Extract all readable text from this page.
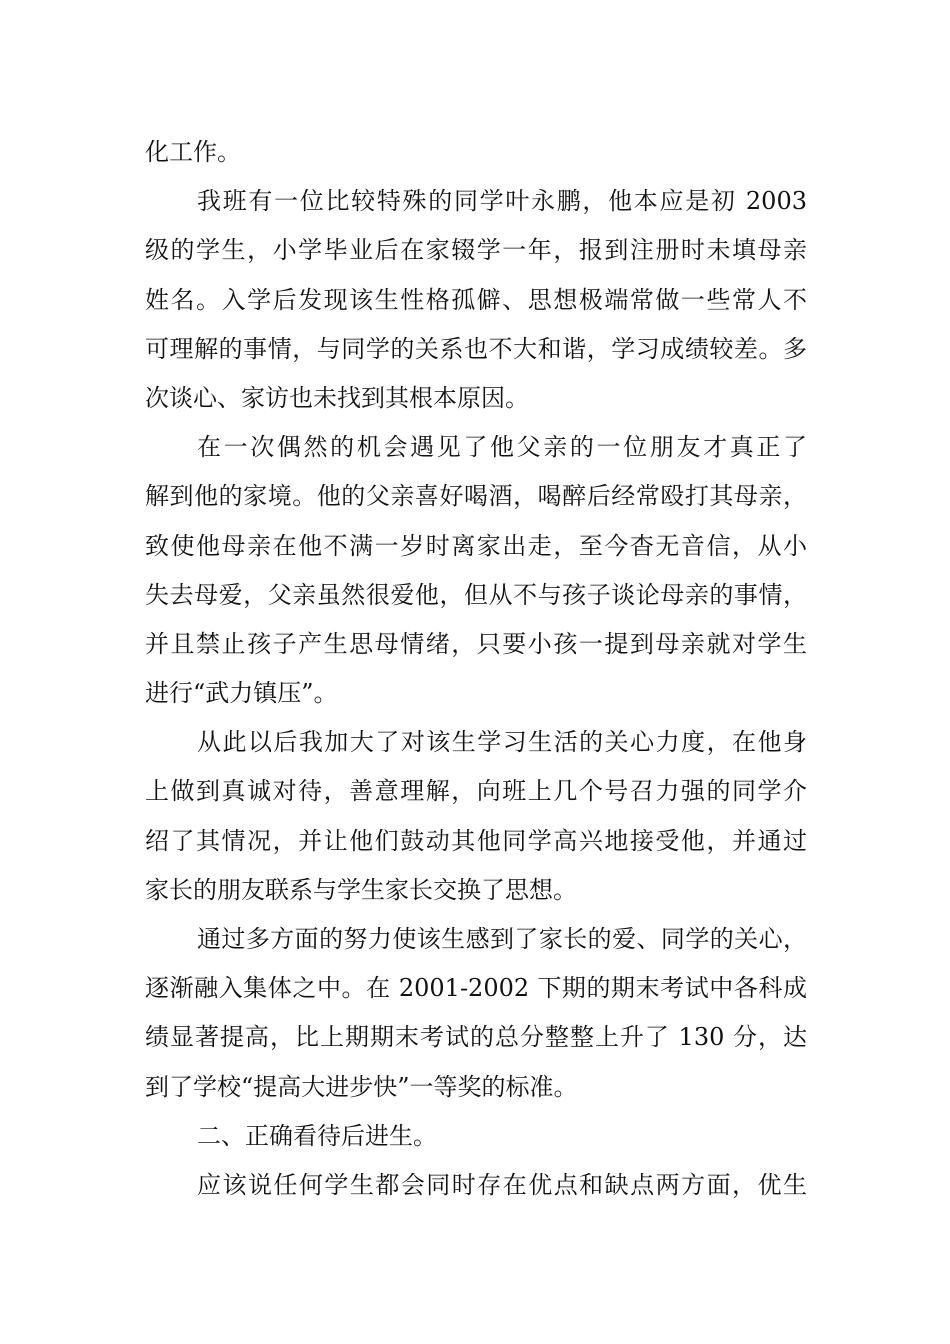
化工作。
我班有一位比较特殊的同学叶永鹏，他本应是初 2003
级的学生，小学毕业后在家辍学一年，报到注册时未填母亲
姓名。入学后发现该生性格孤僻、思想极端常做一些常人不
可理解的事情，与同学的关系也不大和谐，学习成绩较差。多
次谈心、家访也未找到其根本原因。
在一次偶然的机会遇见了他父亲的一位朋友才真正了
解到他的家境。他的父亲喜好喝酒，喝醉后经常殴打其母亲，
致使他母亲在他不满一岁时离家出走，至今杳无音信，从小
失去母爱，父亲虽然很爱他，但从不与孩子谈论母亲的事情，
并且禁止孩子产生思母情绪，只要小孩一提到母亲就对学生
进行“武力镇压”。
从此以后我加大了对该生学习生活的关心力度，在他身
上做到真诚对待，善意理解，向班上几个号召力强的同学介
绍了其情况，并让他们鼓动其他同学高兴地接受他，并通过
家长的朋友联系与学生家长交换了思想。
通过多方面的努力使该生感到了家长的爱、同学的关心，
逐渐融入集体之中。在 2001-2002 下期的期末考试中各科成
绩显著提高，比上期期末考试的总分整整上升了 130 分，达
到了学校“提高大进步快”一等奖的标准。
二、正确看待后进生。
应该说任何学生都会同时存在优点和缺点两方面，优生
